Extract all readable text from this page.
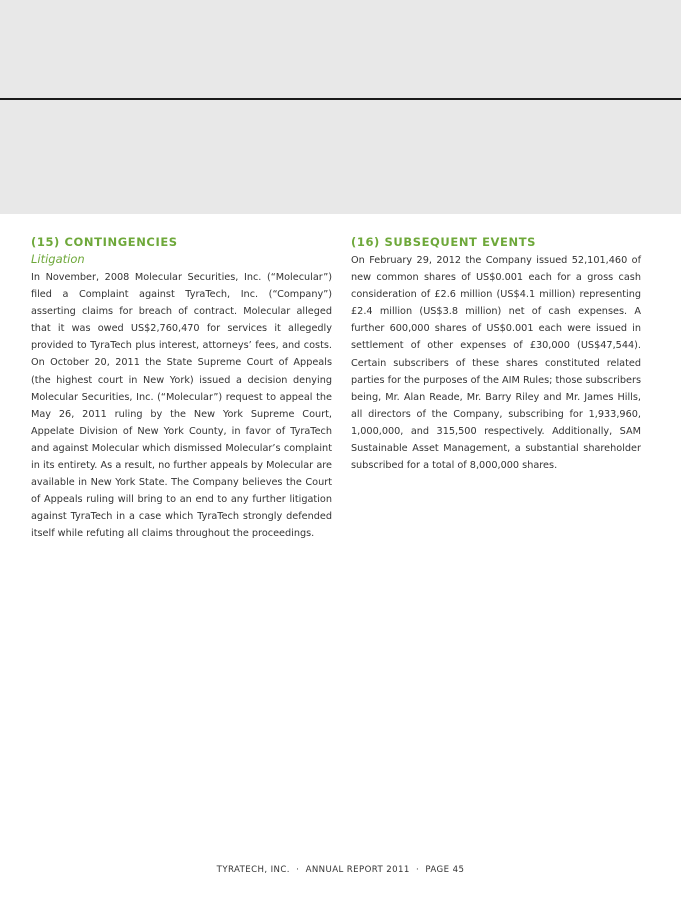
(15) CONTINGENCIES

Litigation

In November, 2008 Molecular Securities, Inc. (“Molecular”) filed a Complaint against TyraTech, Inc. (“Company”) asserting claims for breach of contract. Molecular alleged that it was owed US$2,760,470 for services it allegedly provided to TyraTech plus interest, attorneys’ fees, and costs. On October 20, 2011 the State Supreme Court of Appeals (the highest court in New York) issued a decision denying Molecular Securities, Inc. (“Molecular”) request to appeal the May 26, 2011 ruling by the New York Supreme Court, Appelate Division of New York County, in favor of TyraTech and against Molecular which dismissed Molecular’s complaint in its entirety. As a result, no further appeals by Molecular are available in New York State. The Company believes the Court of Appeals ruling will bring to an end to any further litigation against TyraTech in a case which TyraTech strongly defended itself while refuting all claims throughout the proceedings.

(16) SUBSEQUENT EVENTS

On February 29, 2012 the Company issued 52,101,460 of new common shares of US$0.001 each for a gross cash consideration of £2.6 million (US$4.1 million) representing £2.4 million (US$3.8 million) net of cash expenses. A further 600,000 shares of US$0.001 each were issued in settlement of other expenses of £30,000 (US$47,544). Certain subscribers of these shares constituted related parties for the purposes of the AIM Rules; those subscribers being, Mr. Alan Reade, Mr. Barry Riley and Mr. James Hills, all directors of the Company, subscribing for 1,933,960, 1,000,000, and 315,500 respectively. Additionally, SAM Sustainable Asset Management, a substantial shareholder subscribed for a total of 8,000,000 shares.

TYRATECH, INC.  ·  ANNUAL REPORT 2011  ·  PAGE 45
